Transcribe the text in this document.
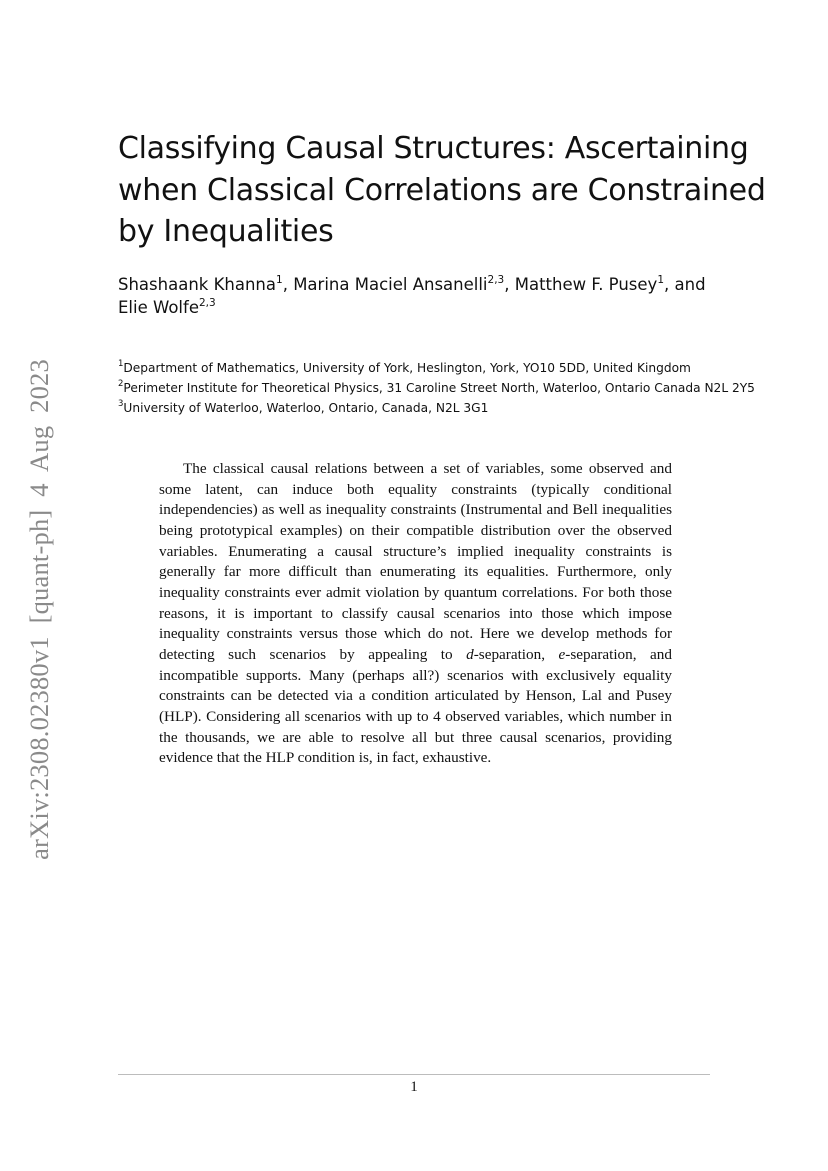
arXiv:2308.02380v1 [quant-ph] 4 Aug 2023
Classifying Causal Structures: Ascertaining
when Classical Correlations are Constrained
by Inequalities
Shashaank Khanna$^1$, Marina Maciel Ansanelli$^{2,3}$, Matthew F. Pusey$^1$, and
Elie Wolfe$^{2,3}$
$^1$Department of Mathematics, University of York, Heslington, York, YO10 5DD, United Kingdom
$^2$Perimeter Institute for Theoretical Physics, 31 Caroline Street North, Waterloo, Ontario Canada N2L 2Y5
$^3$University of Waterloo, Waterloo, Ontario, Canada, N2L 3G1

The classical causal relations between a set of variables, some observed and some latent, can induce both equality constraints (typically conditional independencies) as well as inequality constraints (Instrumental and Bell inequalities being prototypical examples) on their compatible distribution over the observed variables. Enumerating a causal structure’s implied inequality constraints is generally far more difficult than enumerating its equalities. Furthermore, only inequality constraints ever admit violation by quantum correlations. For both those reasons, it is important to classify causal scenarios into those which impose inequality constraints versus those which do not. Here we develop methods for detecting such scenarios by appealing to d-separation, e-separation, and incompatible supports. Many (perhaps all?) scenarios with exclusively equality constraints can be detected via a condition articulated by Henson, Lal and Pusey (HLP). Considering all scenarios with up to 4 observed variables, which number in the thousands, we are able to resolve all but three causal scenarios, providing evidence that the HLP condition is, in fact, exhaustive.

1
